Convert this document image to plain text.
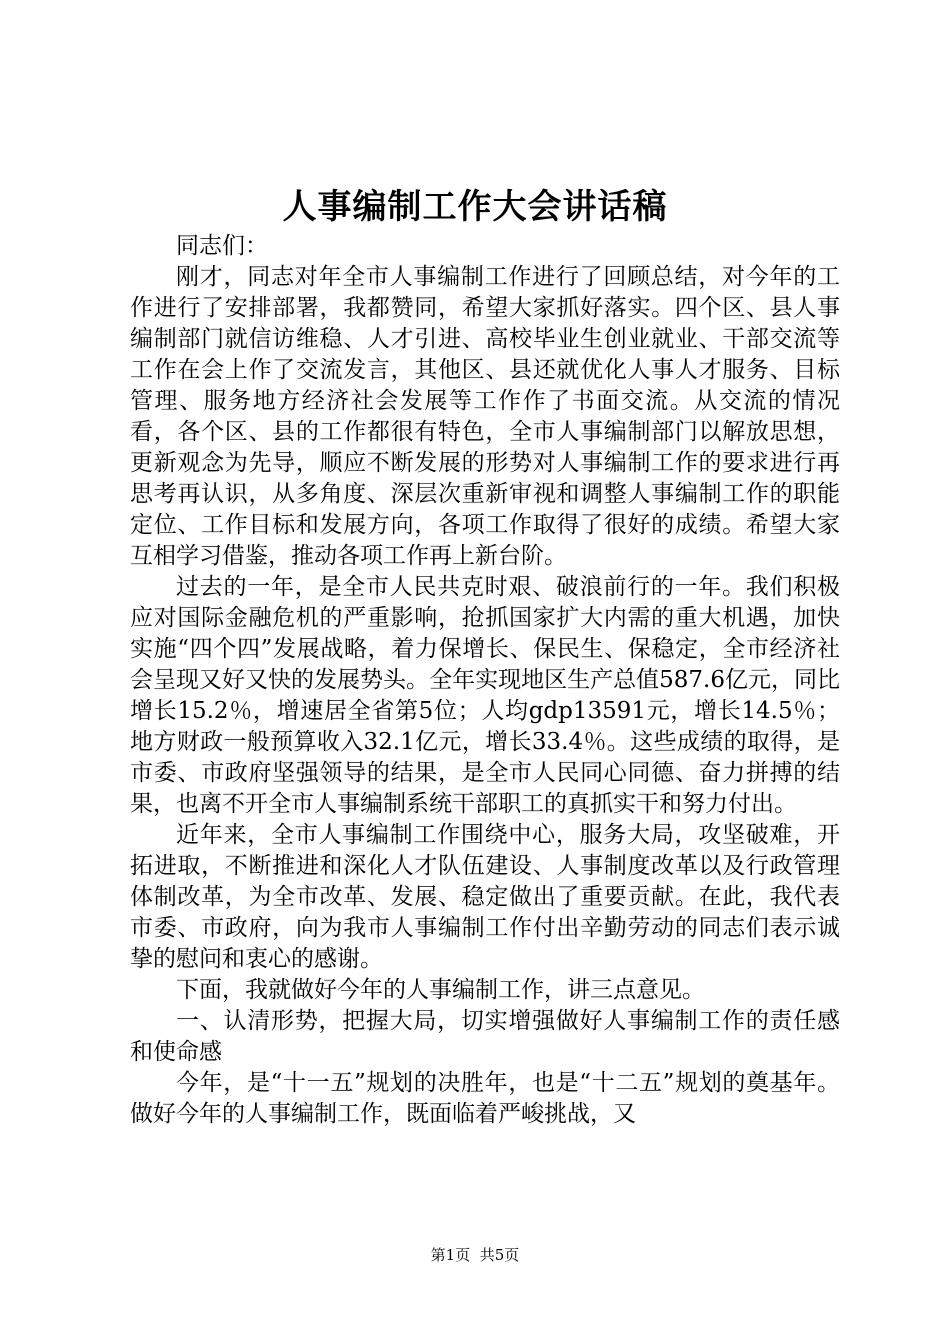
人事编制工作大会讲话稿

同志们：

刚才，同志对年全市人事编制工作进行了回顾总结，对今年的工作进行了安排部署，我都赞同，希望大家抓好落实。四个区、县人事编制部门就信访维稳、人才引进、高校毕业生创业就业、干部交流等工作在会上作了交流发言，其他区、县还就优化人事人才服务、目标管理、服务地方经济社会发展等工作作了书面交流。从交流的情况看，各个区、县的工作都很有特色，全市人事编制部门以解放思想，更新观念为先导，顺应不断发展的形势对人事编制工作的要求进行再思考再认识，从多角度、深层次重新审视和调整人事编制工作的职能定位、工作目标和发展方向，各项工作取得了很好的成绩。希望大家互相学习借鉴，推动各项工作再上新台阶。

过去的一年，是全市人民共克时艰、破浪前行的一年。我们积极应对国际金融危机的严重影响，抢抓国家扩大内需的重大机遇，加快实施“四个四”发展战略，着力保增长、保民生、保稳定，全市经济社会呈现又好又快的发展势头。全年实现地区生产总值587.6亿元，同比增长15.2％，增速居全省第5位；人均gdp13591元，增长14.5％；地方财政一般预算收入32.1亿元，增长33.4％。这些成绩的取得，是市委、市政府坚强领导的结果，是全市人民同心同德、奋力拼搏的结果，也离不开全市人事编制系统干部职工的真抓实干和努力付出。

近年来，全市人事编制工作围绕中心，服务大局，攻坚破难，开拓进取，不断推进和深化人才队伍建设、人事制度改革以及行政管理体制改革，为全市改革、发展、稳定做出了重要贡献。在此，我代表市委、市政府，向为我市人事编制工作付出辛勤劳动的同志们表示诚挚的慰问和衷心的感谢。

下面，我就做好今年的人事编制工作，讲三点意见。

一、认清形势，把握大局，切实增强做好人事编制工作的责任感和使命感

今年，是“十一五”规划的决胜年，也是“十二五”规划的奠基年。做好今年的人事编制工作，既面临着严峻挑战，又

第1页 共5页
